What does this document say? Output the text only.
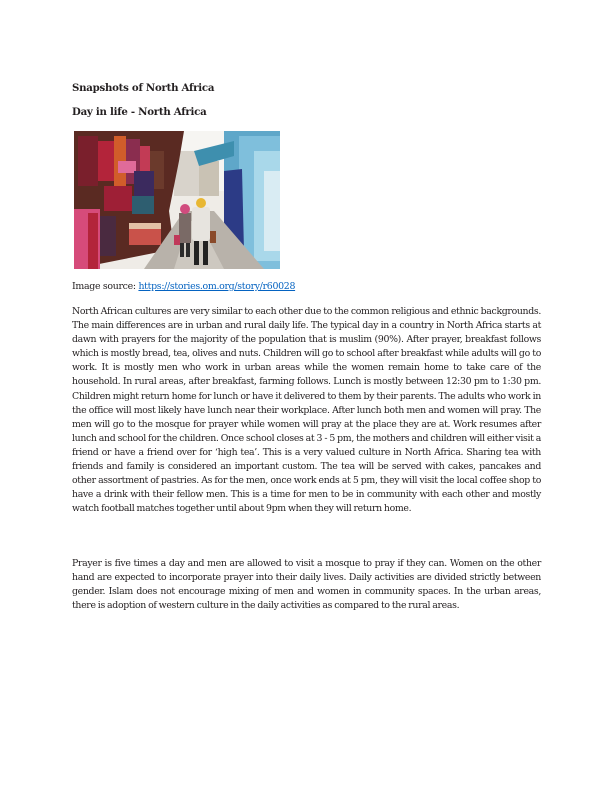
Snapshots of North Africa
Day in life - North Africa
Image source: https://stories.om.org/story/r60028

North African cultures are very similar to each other due to the common religious and ethnic backgrounds. The main differences are in urban and rural daily life. The typical day in a country in North Africa starts at dawn with prayers for the majority of the population that is muslim (90%). After prayer, breakfast follows which is mostly bread, tea, olives and nuts. Children will go to school after breakfast while adults will go to work. It is mostly men who work in urban areas while the women remain home to take care of the household. In rural areas, after breakfast, farming follows. Lunch is mostly between 12:30 pm to 1:30 pm. Children might return home for lunch or have it delivered to them by their parents. The adults who work in the office will most likely have lunch near their workplace. After lunch both men and women will pray. The men will go to the mosque for prayer while women will pray at the place they are at. Work resumes after lunch and school for the children. Once school closes at 3 - 5 pm, the mothers and children will either visit a friend or have a friend over for ‘high tea’. This is a very valued culture in North Africa. Sharing tea with friends and family is considered an important custom. The tea will be served with cakes, pancakes and other assortment of pastries. As for the men, once work ends at 5 pm, they will visit the local coffee shop to have a drink with their fellow men. This is a time for men to be in community with each other and mostly watch football matches together until about 9pm when they will return home.

Prayer is five times a day and men are allowed to visit a mosque to pray if they can. Women on the other hand are expected to incorporate prayer into their daily lives. Daily activities are divided strictly between gender. Islam does not encourage mixing of men and women in community spaces. In the urban areas, there is adoption of western culture in the daily activities as compared to the rural areas.
